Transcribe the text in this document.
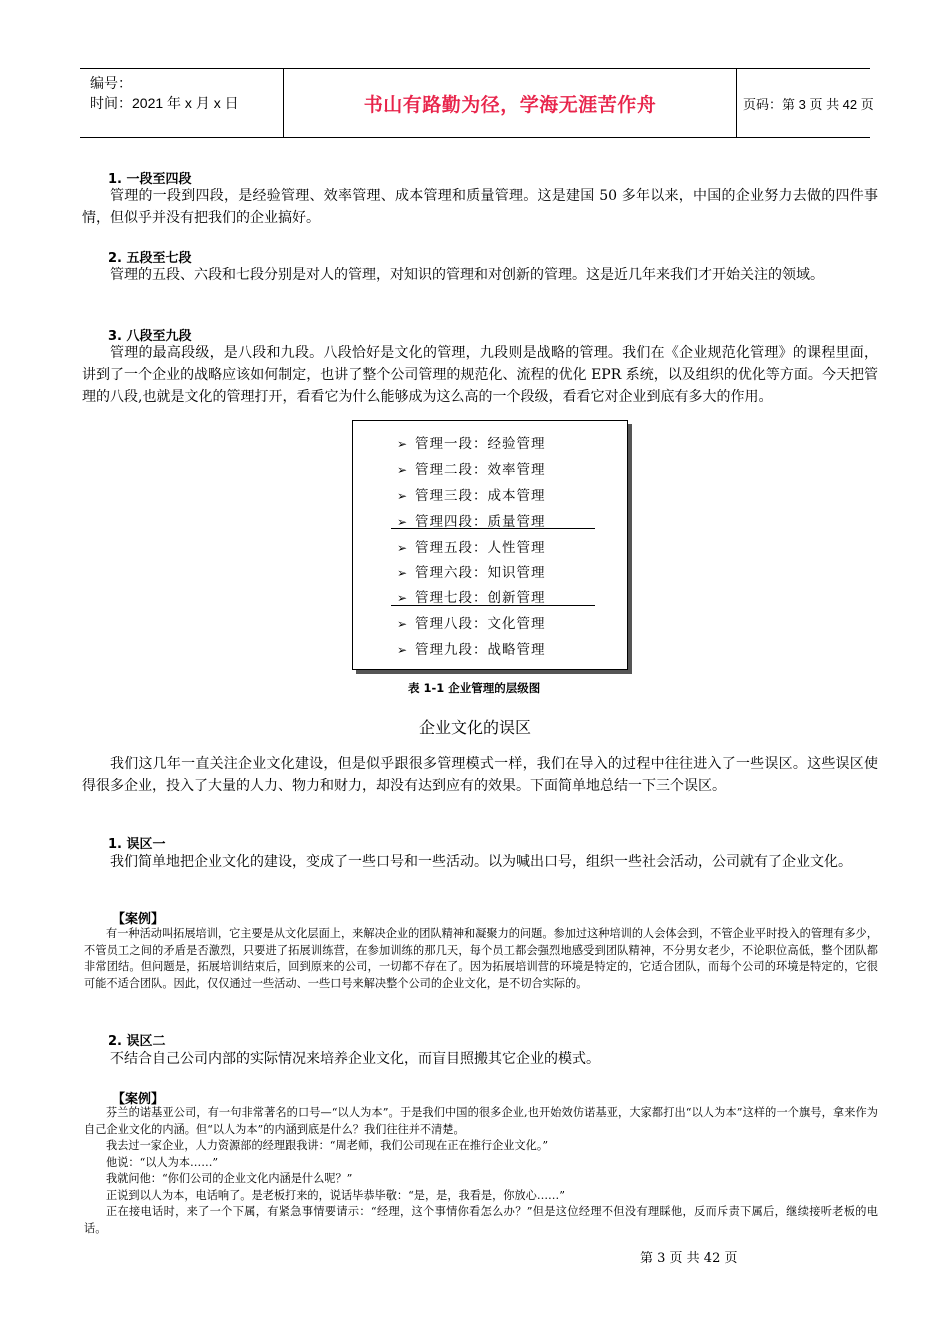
编号：
时间：2021 年 x 月 x 日	书山有路勤为径，学海无涯苦作舟	页码：第 3 页 共 42 页
1. 一段至四段
管理的一段到四段，是经验管理、效率管理、成本管理和质量管理。这是建国 50 多年以来，中国的企业努力去做的四件事情，但似乎并没有把我们的企业搞好。
2. 五段至七段
管理的五段、六段和七段分别是对人的管理，对知识的管理和对创新的管理。这是近几年来我们才开始关注的领域。
3. 八段至九段
管理的最高段级，是八段和九段。八段恰好是文化的管理，九段则是战略的管理。我们在《企业规范化管理》的课程里面，讲到了一个企业的战略应该如何制定，也讲了整个公司管理的规范化、流程的优化 EPR 系统，以及组织的优化等方面。今天把管理的八段,也就是文化的管理打开，看看它为什么能够成为这么高的一个段级，看看它对企业到底有多大的作用。
➢ 管理一段：经验管理
➢ 管理二段：效率管理
➢ 管理三段：成本管理
➢ 管理四段：质量管理
➢ 管理五段：人性管理
➢ 管理六段：知识管理
➢ 管理七段：创新管理
➢ 管理八段：文化管理
➢ 管理九段：战略管理
表 1-1 企业管理的层级图
企业文化的误区
我们这几年一直关注企业文化建设，但是似乎跟很多管理模式一样，我们在导入的过程中往往进入了一些误区。这些误区使得很多企业，投入了大量的人力、物力和财力，却没有达到应有的效果。下面简单地总结一下三个误区。
1. 误区一
我们简单地把企业文化的建设，变成了一些口号和一些活动。以为喊出口号，组织一些社会活动，公司就有了企业文化。
【案例】
有一种活动叫拓展培训，它主要是从文化层面上，来解决企业的团队精神和凝聚力的问题。参加过这种培训的人会体会到，不管企业平时投入的管理有多少，不管员工之间的矛盾是否激烈，只要进了拓展训练营，在参加训练的那几天，每个员工都会强烈地感受到团队精神，不分男女老少，不论职位高低，整个团队都非常团结。但问题是，拓展培训结束后，回到原来的公司，一切都不存在了。因为拓展培训营的环境是特定的，它适合团队，而每个公司的环境是特定的，它很可能不适合团队。因此，仅仅通过一些活动、一些口号来解决整个公司的企业文化，是不切合实际的。
2. 误区二
不结合自己公司内部的实际情况来培养企业文化，而盲目照搬其它企业的模式。
【案例】
芬兰的诺基亚公司，有一句非常著名的口号—“以人为本”。于是我们中国的很多企业,也开始效仿诺基亚，大家都打出“以人为本”这样的一个旗号，拿来作为自己企业文化的内涵。但“以人为本”的内涵到底是什么？我们往往并不清楚。
我去过一家企业，人力资源部的经理跟我讲：“周老师，我们公司现在正在推行企业文化。”
他说：“以人为本……”
我就问他：“你们公司的企业文化内涵是什么呢？”
正说到以人为本，电话响了。是老板打来的，说话毕恭毕敬：“是，是，我看是，你放心……”
正在接电话时，来了一个下属，有紧急事情要请示：“经理，这个事情你看怎么办？”但是这位经理不但没有理睬他，反而斥责下属后，继续接听老板的电话。
第 3 页 共 42 页
